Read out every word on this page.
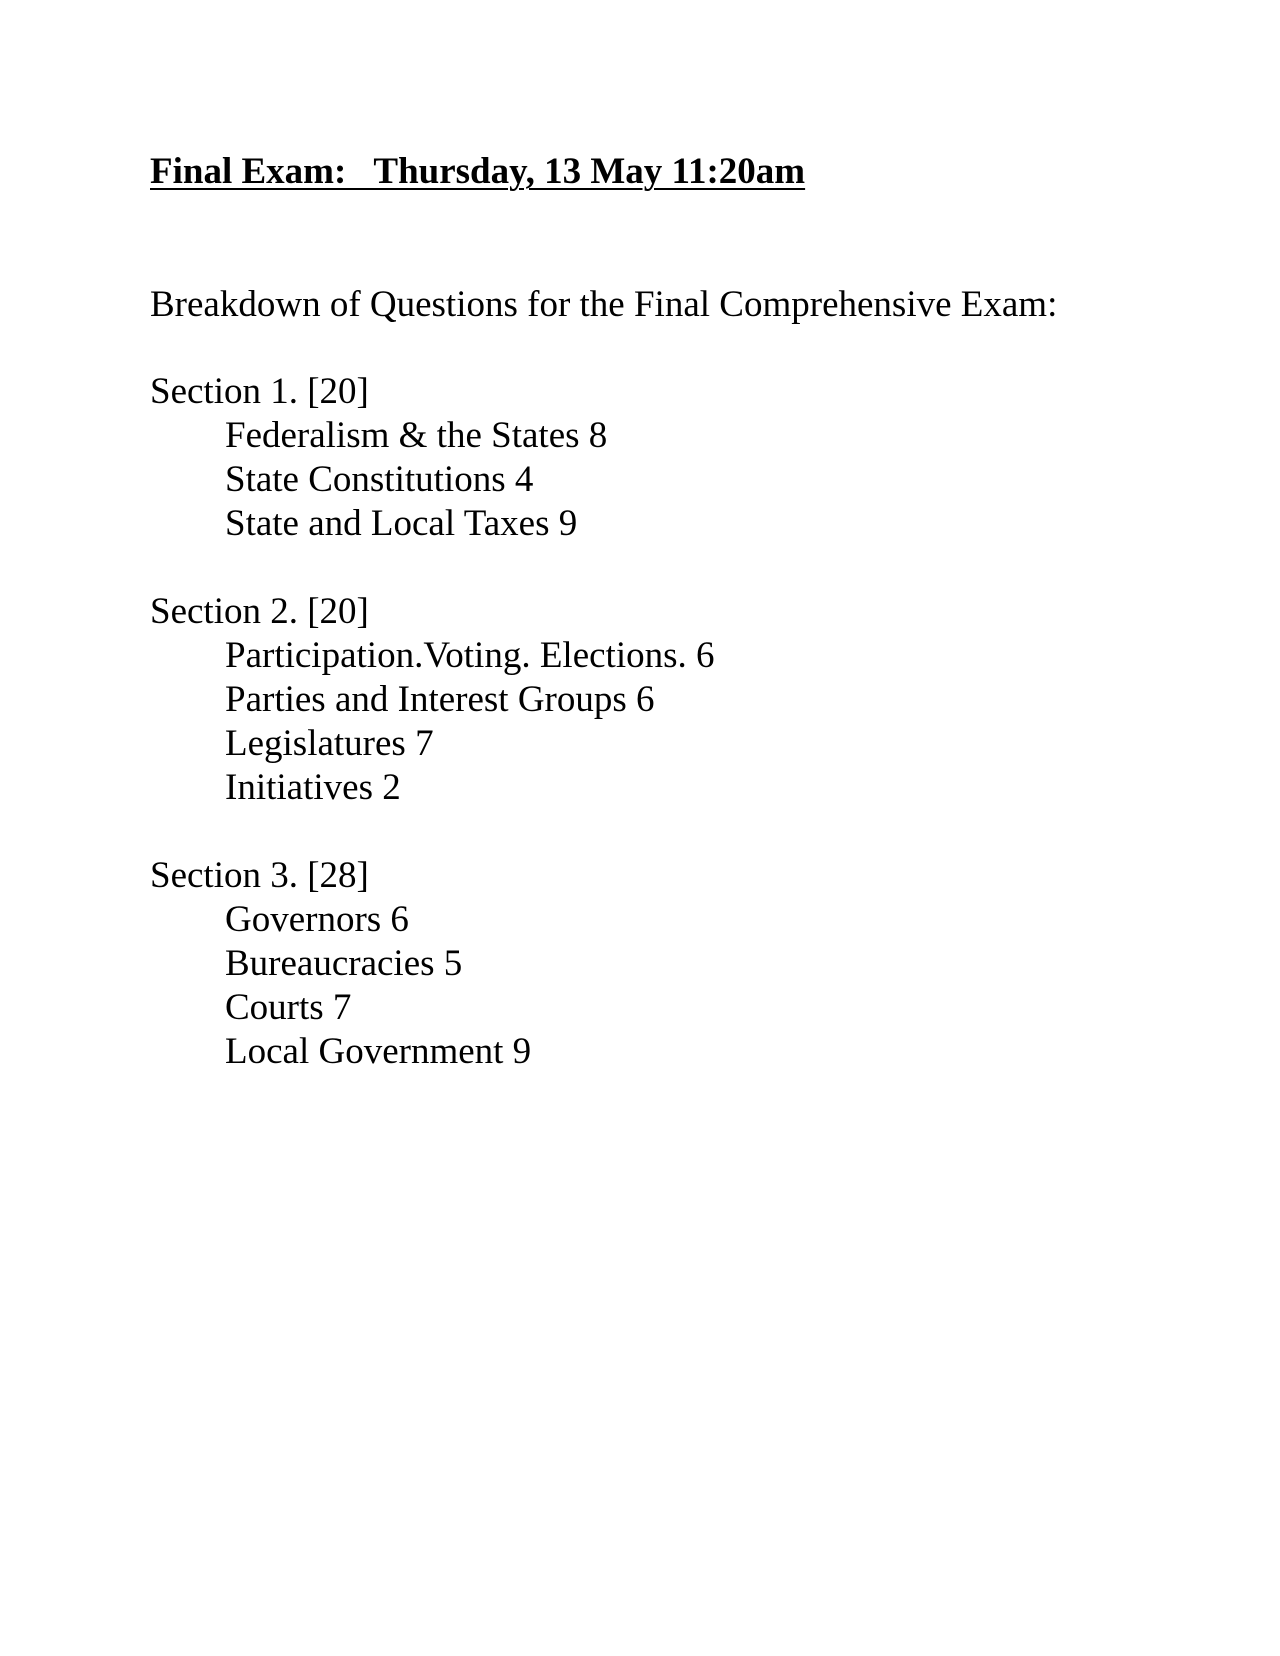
Final Exam:   Thursday, 13 May 11:20am
Breakdown of Questions for the Final Comprehensive Exam:
Section 1. [20]
Federalism & the States 8
State Constitutions 4
State and Local Taxes 9
Section 2. [20]
Participation.Voting. Elections. 6
Parties and Interest Groups 6
Legislatures 7
Initiatives 2
Section 3. [28]
Governors 6
Bureaucracies 5
Courts 7
Local Government 9
